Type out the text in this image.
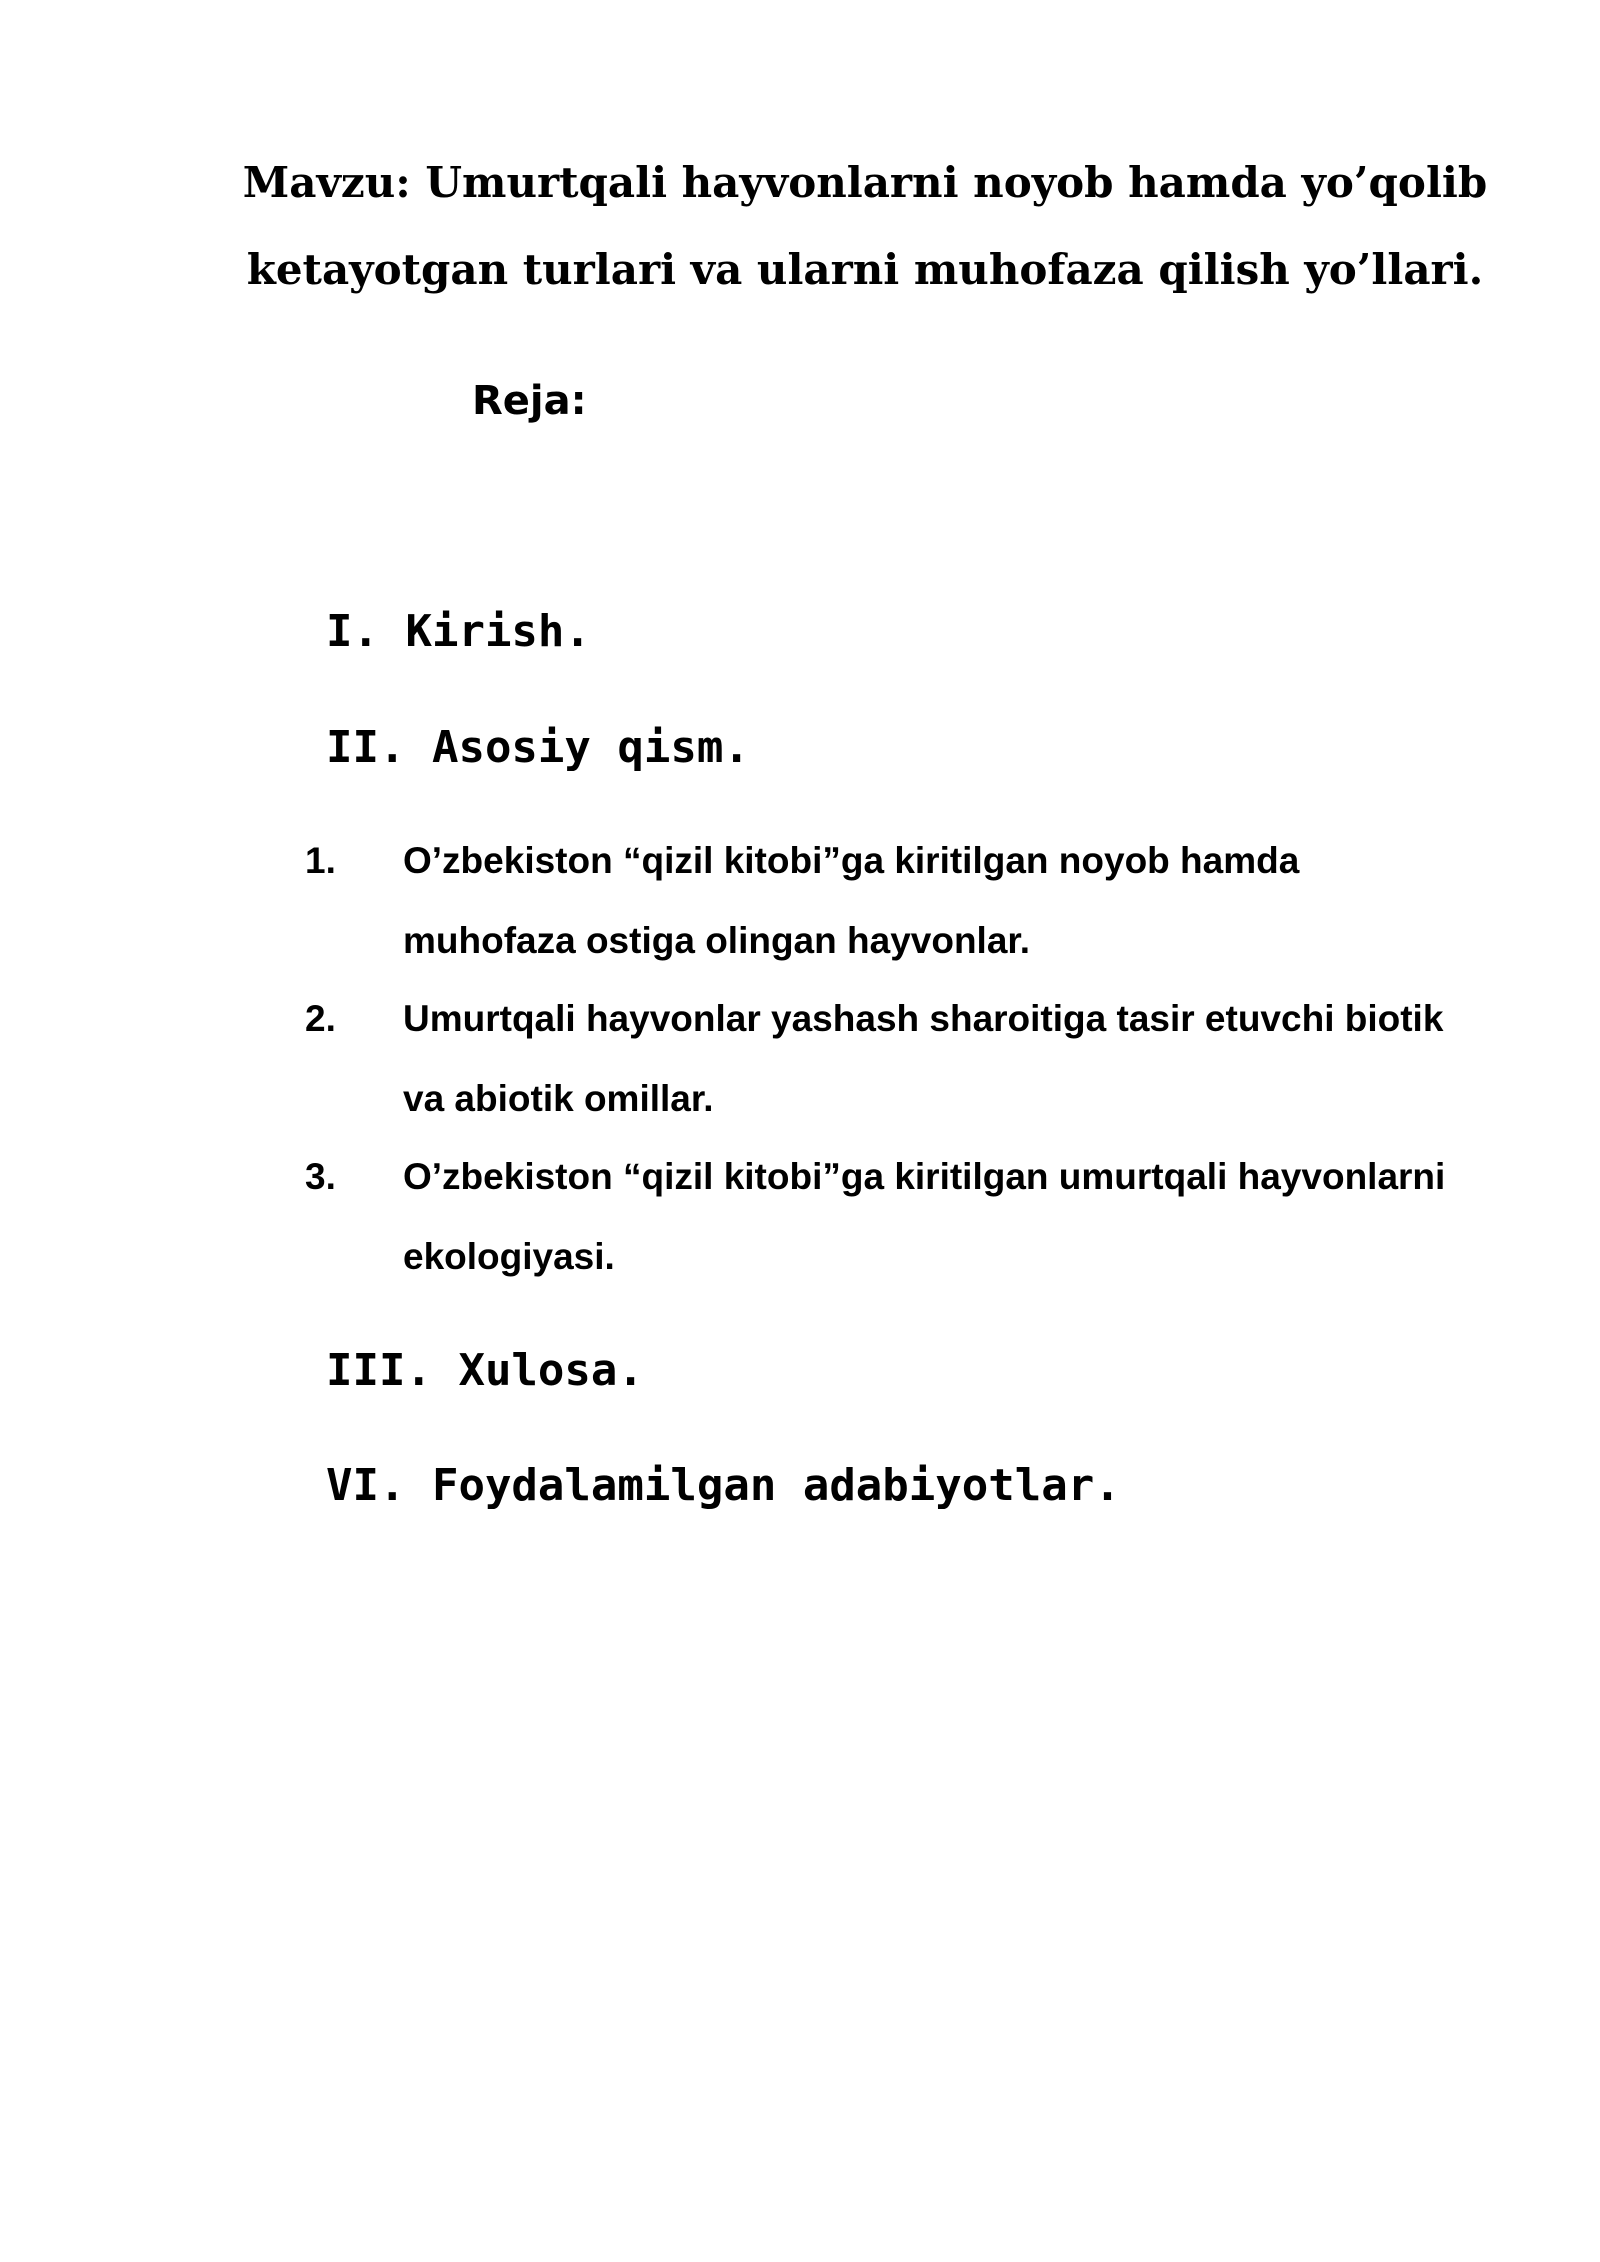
Mavzu: Umurtqali hayvonlarni noyob hamda yo’qolib
ketayotgan turlari va ularni muhofaza qilish yo’llari.
Reja:
I. Kirish.
II. Asosiy qism.
1. O’zbekiston “qizil kitobi”ga kiritilgan noyob hamda
muhofaza ostiga olingan hayvonlar.
2. Umurtqali hayvonlar yashash sharoitiga tasir etuvchi biotik
va abiotik omillar.
3. O’zbekiston “qizil kitobi”ga kiritilgan umurtqali hayvonlarni
ekologiyasi.
III. Xulosa.
VI. Foydalamilgan adabiyotlar.
